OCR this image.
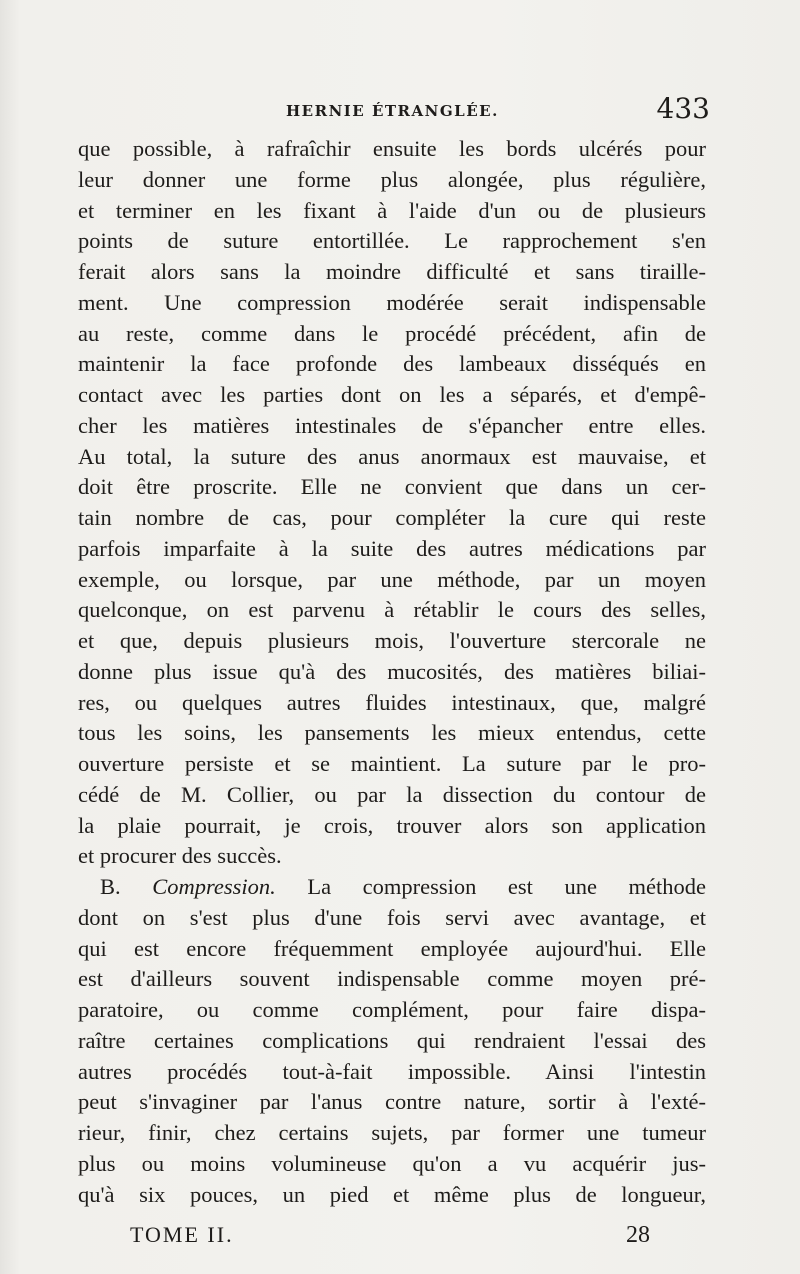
HERNIE ÉTRANGLÉE.	433
que possible, à rafraîchir ensuite les bords ulcérés pour
leur donner une forme plus alongée, plus régulière,
et terminer en les fixant à l'aide d'un ou de plusieurs
points de suture entortillée. Le rapprochement s'en
ferait alors sans la moindre difficulté et sans tiraille-
ment. Une compression modérée serait indispensable
au reste, comme dans le procédé précédent, afin de
maintenir la face profonde des lambeaux disséqués en
contact avec les parties dont on les a séparés, et d'empê-
cher les matières intestinales de s'épancher entre elles.
Au total, la suture des anus anormaux est mauvaise, et
doit être proscrite. Elle ne convient que dans un cer-
tain nombre de cas, pour compléter la cure qui reste
parfois imparfaite à la suite des autres médications par
exemple, ou lorsque, par une méthode, par un moyen
quelconque, on est parvenu à rétablir le cours des selles,
et que, depuis plusieurs mois, l'ouverture stercorale ne
donne plus issue qu'à des mucosités, des matières biliai-
res, ou quelques autres fluides intestinaux, que, malgré
tous les soins, les pansements les mieux entendus, cette
ouverture persiste et se maintient. La suture par le pro-
cédé de M. Collier, ou par la dissection du contour de
la plaie pourrait, je crois, trouver alors son application
et procurer des succès.
B. Compression. La compression est une méthode
dont on s'est plus d'une fois servi avec avantage, et
qui est encore fréquemment employée aujourd'hui. Elle
est d'ailleurs souvent indispensable comme moyen pré-
paratoire, ou comme complément, pour faire dispa-
raître certaines complications qui rendraient l'essai des
autres procédés tout-à-fait impossible. Ainsi l'intestin
peut s'invaginer par l'anus contre nature, sortir à l'exté-
rieur, finir, chez certains sujets, par former une tumeur
plus ou moins volumineuse qu'on a vu acquérir jus-
qu'à six pouces, un pied et même plus de longueur,
TOME II.	28
